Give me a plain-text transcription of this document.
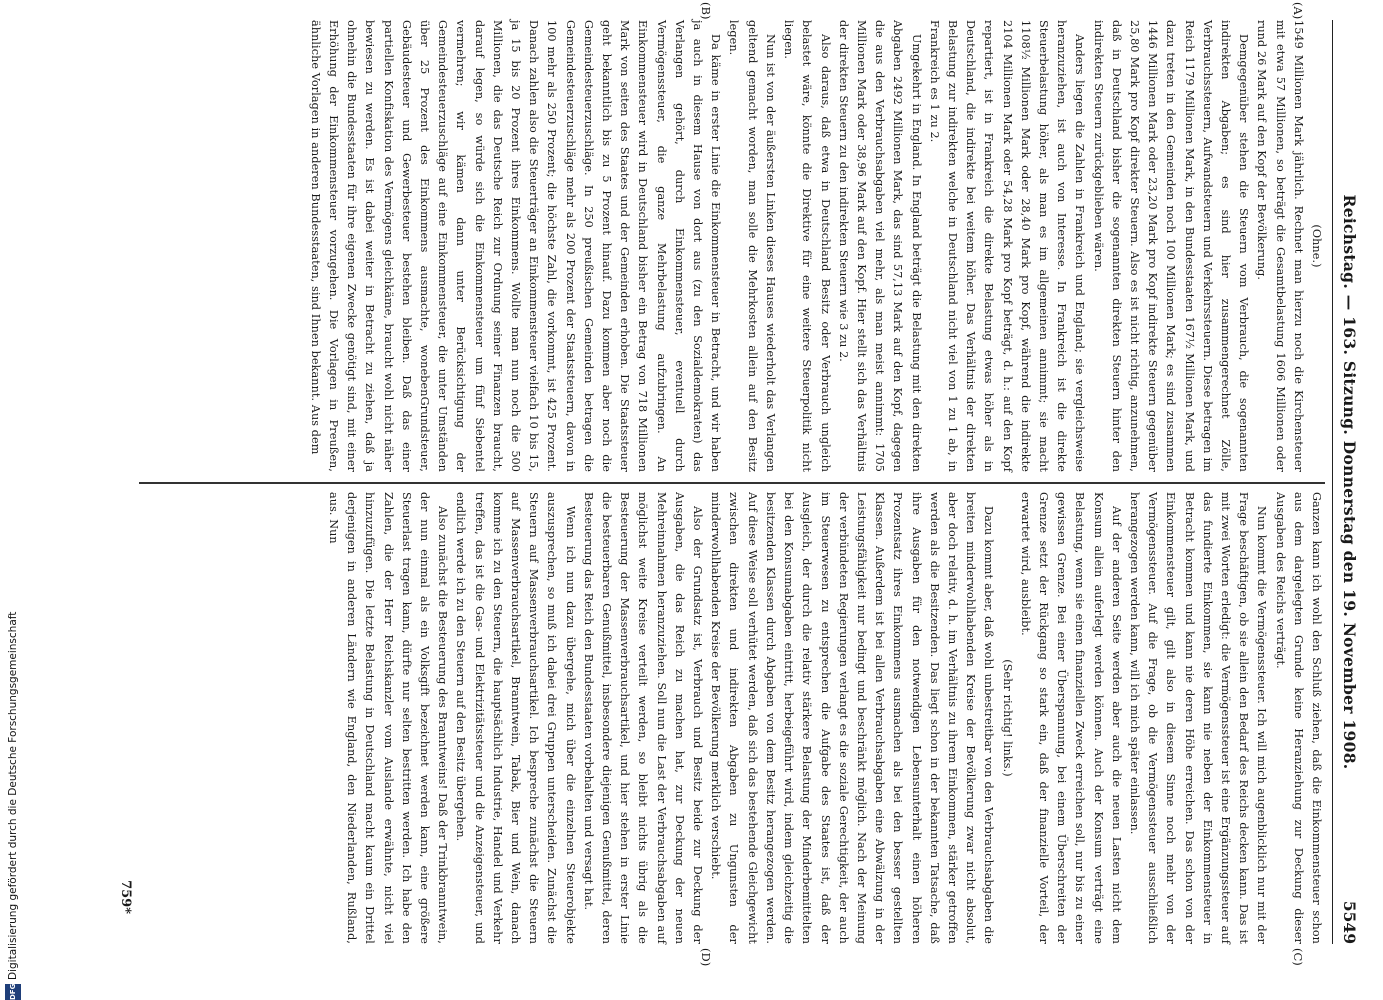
5549
Reichstag. — 163. Sitzung. Donnerstag den 19. November 1908.

(Ohne.)

1549 Millionen Mark jährlich. Rechnet man hierzu noch die Kirchensteuer mit etwa 57 Millionen, so beträgt die Gesamtbelastung 1606 Millionen oder rund 26 Mark auf den Kopf der Bevölkerung.

Demgegenüber stehen die Steuern vom Verbrauch, die sogenannten indirekten Abgaben; es sind hier zusammengerechnet Zölle, Verbrauchssteuern, Aufwandsteuern und Verkehrssteuern. Diese betragen im Reich 1179 Millionen Mark, in den Bundesstaaten 167½ Millionen Mark, und dazu treten in den Gemeinden noch 100 Millionen Mark; es sind zusammen 1446 Millionen Mark oder 23,20 Mark pro Kopf indirekte Steuern gegenüber 25,80 Mark pro Kopf direkter Steuern. Also es ist nicht richtig, anzunehmen, daß in Deutschland bisher die sogenannten direkten Steuern hinter den indirekten Steuern zurückgeblieben wären.

Anders liegen die Zahlen in Frankreich und England; sie vergleichsweise heranzuziehen, ist auch von Interesse. In Frankreich ist die direkte Steuerbelastung höher, als man es im allgemeinen annimmt; sie macht 1108½ Millionen Mark oder 28,40 Mark pro Kopf, während die indirekte 2104 Millionen Mark oder 54,28 Mark pro Kopf beträgt, d. h.: auf den Kopf repartiert, ist in Frankreich die direkte Belastung etwas höher als in Deutschland, die indirekte bei weitem höher. Das Verhältnis der direkten Belastung zur indirekten welche in Deutschland nicht viel von 1 zu 1 ab, in Frankreich es 1 zu 2.

Umgekehrt in England. In England beträgt die Belastung mit den direkten Abgaben 2492 Millionen Mark, das sind 57,13 Mark auf den Kopf, dagegen die aus den Verbrauchsabgaben viel mehr, als man meist annimmt: 1705 Millionen Mark oder 38,96 Mark auf den Kopf. Hier stellt sich das Verhältnis der direkten Steuern zu den indirekten Steuern wie 3 zu 2.

Also daraus, daß etwa in Deutschland Besitz oder Verbrauch ungleich belastet wäre, könnte die Direktive für eine weitere Steuerpolitik nicht liegen.

Nun ist von der äußersten Linken dieses Hauses wiederholt das Verlangen geltend gemacht worden, man solle die Mehrkosten allein auf den Besitz legen.

Da käme in erster Linie die Einkommensteuer in Betracht, und wir haben ja auch in diesem Hause von dort aus (zu den Sozialdemokraten) das Verlangen gehört, durch Einkommensteuer, eventuell durch Vermögenssteuer, die ganze Mehrbelastung aufzubringen. An Einkommensteuer wird in Deutschland bisher ein Betrag von 718 Millionen Mark von seiten des Staates und der Gemeinden erhoben. Die Staatssteuer geht bekanntlich bis zu 5 Prozent hinauf. Dazu kommen aber noch die Gemeindesteuerzuschläge. In 250 preußischen Gemeinden betragen die Gemeindesteuerzuschläge mehr als 200 Prozent der Staatssteuern, davon in 100 mehr als 250 Prozent; die höchste Zahl, die vorkommt, ist 425 Prozent. Danach zahlen also die Steuerträger an Einkommensteuer vielfach 10 bis 15, ja 15 bis 20 Prozent ihres Einkommens. Wollte man nun noch die 500 Millionen, die das Deutsche Reich zur Ordnung seiner Finanzen braucht, darauf legen, so würde sich die Einkommensteuer um fünf Siebentel vermehren; wir kämen dann unter Berücksichtigung der Gemeindesteuerzuschläge auf eine Einkommensteuer, die unter Umständen über 25 Prozent des Einkommens ausmachte, wonebenGrundsteuer, Gebäudesteuer und Gewerbesteuer bestehen bleiben. Daß das einer partiellen Konfiskation des Vermögens gleichkäme, braucht wohl nicht näher bewiesen zu werden. Es ist dabei weiter in Betracht zu ziehen, daß ja ohnehin die Bundesstaaten für ihre eigenen Zwecke genötigt sind, mit einer Erhöhung der Einkommensteuer vorzugehen. Die Vorlagen in Preußen, ähnliche Vorlagen in anderen Bundesstaaten, sind Ihnen bekannt. Aus dem

Ganzen kann ich wohl den Schluß ziehen, daß die Einkommensteuer schon aus dem dargelegten Grunde keine Heranziehung zur Deckung dieser Ausgaben des Reichs verträgt.

Nun kommt die Vermögenssteuer. Ich will mich augenblicklich nur mit der Frage beschäftigen, ob sie allein den Bedarf des Reichs decken kann. Das ist mit zwei Worten erledigt: die Vermögenssteuer ist eine Ergänzungssteuer auf das fundierte Einkommen, sie kann nie neben der Einkommensteuer in Betracht kommen und kann nie deren Höhe erreichen. Das schon von der Einkommensteuer gilt, gilt also in diesem Sinne noch mehr von der Vermögenssteuer. Auf die Frage, ob die Vermögenssteuer ausschließlich herangezogen werden kann, will ich mich später einlassen.

Auf der anderen Seite werden aber auch die neuen Lasten nicht dem Konsum allein auferlegt werden können. Auch der Konsum verträgt eine Belastung, wenn sie einen finanziellen Zweck erreichen soll, nur bis zu einer gewissen Grenze. Bei einer Überspannung, bei einem Überschreiten der Grenze setzt der Rückgang so stark ein, daß der finanzielle Vorteil, der erwartet wird, ausbleibt.

(Sehr richtig! links.)

Dazu kommt aber, daß wohl unbestreitbar von den Verbrauchsabgaben die breiten minderwohlhabenden Kreise der Bevölkerung zwar nicht absolut, aber doch relativ, d. h. im Verhältnis zu ihrem Einkommen, stärker getroffen werden als die Besitzenden. Das liegt schon in der bekannten Tatsache, daß ihre Ausgaben für den notwendigen Lebensunterhalt einen höheren Prozentsatz ihres Einkommens ausmachen als bei den besser gestellten Klassen. Außerdem ist bei allen Verbrauchsabgaben eine Abwälzung in der Leistungsfähigkeit nur bedingt und beschränkt möglich. Nach der Meinung der verbündeten Regierungen verlangt es die soziale Gerechtigkeit, der auch im Steuerwesen zu entsprechen die Aufgabe des Staates ist, daß der Ausgleich, der durch die relativ stärkere Belastung der Minderbemittelten bei den Konsumabgaben eintritt, herbeigeführt wird, indem gleichzeitig die besitzenden Klassen durch Abgaben von dem Besitz herangezogen werden. Auf diese Weise soll verhütet werden, daß sich das bestehende Gleichgewicht zwischen direkten und indirekten Abgaben zu Ungunsten der minderwohlhabenden Kreise der Bevölkerung merklich verschiebt.

Also der Grundsatz ist, Verbrauch und Besitz beide zur Deckung der Ausgaben, die das Reich zu machen hat, zur Deckung der neuen Mehreinnahmen heranzuziehen. Soll nun die Last der Verbrauchsabgaben auf möglichst weite Kreise verteilt werden, so bleibt nichts übrig als die Besteuerung der Massenverbrauchsartikel, und hier stehen in erster Linie die besteuerbaren Genußmittel, insbesondere diejenigen Genußmittel, deren Besteuerung das Reich den Bundesstaaten vorbehalten und versagt hat.

Wenn ich nun dazu übergehe, mich über die einzelnen Steuerobjekte auszusprechen, so muß ich dabei drei Gruppen unterscheiden. Zunächst die Steuern auf Massenverbrauchsartikel. Ich bespreche zunächst die Steuern auf Massenverbrauchsartikel, Branntwein, Tabak, Bier und Wein, danach komme ich zu den Steuern, die hauptsächlich Industrie, Handel und Verkehr treffen, das ist die Gas- und Elektrizitätssteuer und die Anzeigensteuer, und endlich werde ich zu den Steuern auf den Besitz übergehen.

Also zunächst die Besteuerung des Branntweins! Daß der Trinkbranntwein, der nun einmal als ein Volksgift bezeichnet werden kann, eine größere Steuerlast tragen kann, dürfte nur selten bestritten werden. Ich habe den Zahlen, die der Herr Reichskanzler vom Auslande erwähnte, nicht viel hinzuzufügen. Die letzte Belastung in Deutschland macht kaum ein Drittel derjenigen in anderen Ländern wie England, den Niederlanden, Rußland, aus. Nun

(A)
(B)
(C)
(D)
759*
DFG
Digitalisierung gefördert durch die Deutsche Forschungsgemeinschaft
